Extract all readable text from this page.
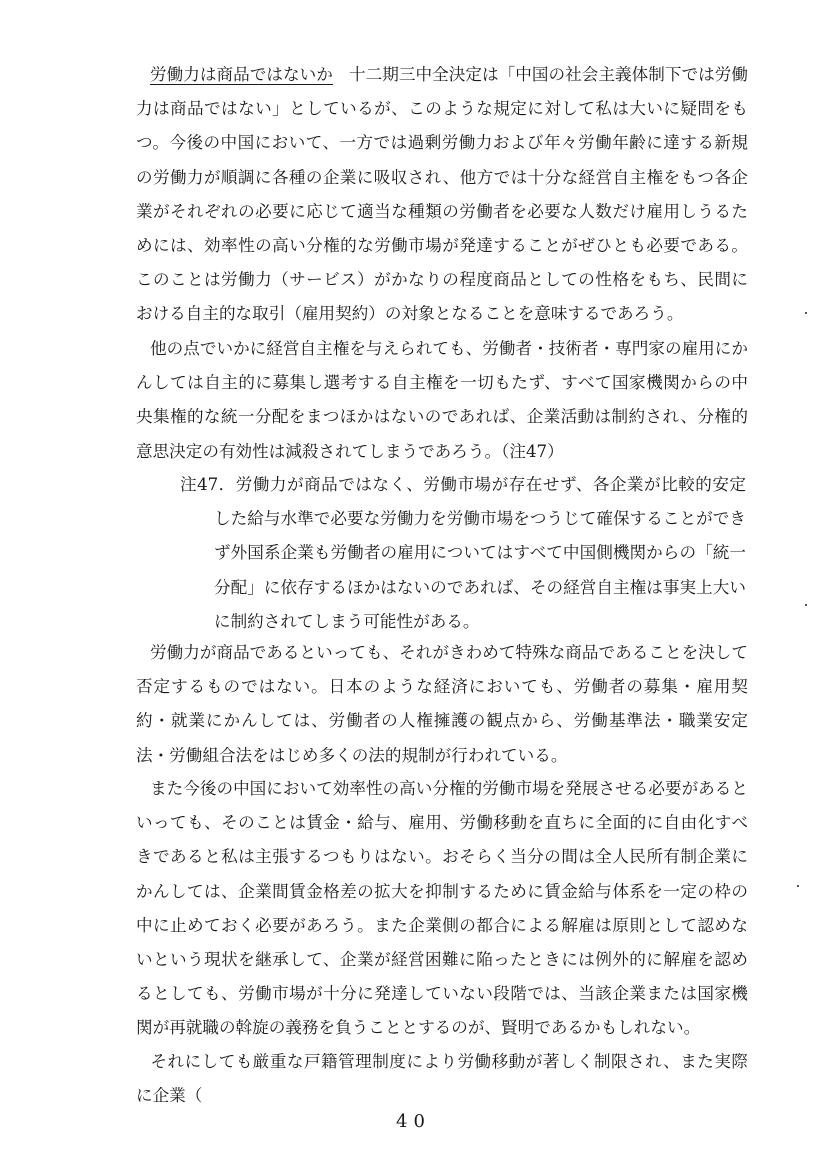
労働力は商品ではないか 十二期三中全決定は「中国の社会主義体制下では労働力は商品ではない」としているが、このような規定に対して私は大いに疑問をもつ。今後の中国において、一方では過剰労働力および年々労働年齢に達する新規の労働力が順調に各種の企業に吸収され、他方では十分な経営自主権をもつ各企業がそれぞれの必要に応じて適当な種類の労働者を必要な人数だけ雇用しうるためには、効率性の高い分権的な労働市場が発達することがぜひとも必要である。このことは労働力（サービス）がかなりの程度商品としての性格をもち、民間における自主的な取引（雇用契約）の対象となることを意味するであろう。

他の点でいかに経営自主権を与えられても、労働者・技術者・専門家の雇用にかんしては自主的に募集し選考する自主権を一切もたず、すべて国家機関からの中央集権的な統一分配をまつほかはないのであれば、企業活動は制約され、分権的意思決定の有効性は減殺されてしまうであろう。（注47）

注47．労働力が商品ではなく、労働市場が存在せず、各企業が比較的安定した給与水準で必要な労働力を労働市場をつうじて確保することができず外国系企業も労働者の雇用についてはすべて中国側機関からの「統一分配」に依存するほかはないのであれば、その経営自主権は事実上大いに制約されてしまう可能性がある。

労働力が商品であるといっても、それがきわめて特殊な商品であることを決して否定するものではない。日本のような経済においても、労働者の募集・雇用契約・就業にかんしては、労働者の人権擁護の観点から、労働基準法・職業安定法・労働組合法をはじめ多くの法的規制が行われている。

また今後の中国において効率性の高い分権的労働市場を発展させる必要があるといっても、そのことは賃金・給与、雇用、労働移動を直ちに全面的に自由化すべきであると私は主張するつもりはない。おそらく当分の間は全人民所有制企業にかんしては、企業間賃金格差の拡大を抑制するために賃金給与体系を一定の枠の中に止めておく必要があろう。また企業側の都合による解雇は原則として認めないという現状を継承して、企業が経営困難に陥ったときには例外的に解雇を認めるとしても、労働市場が十分に発達していない段階では、当該企業または国家機関が再就職の斡旋の義務を負うこととするのが、賢明であるかもしれない。

それにしても厳重な戸籍管理制度により労働移動が著しく制限され、また実際に企業（

40
